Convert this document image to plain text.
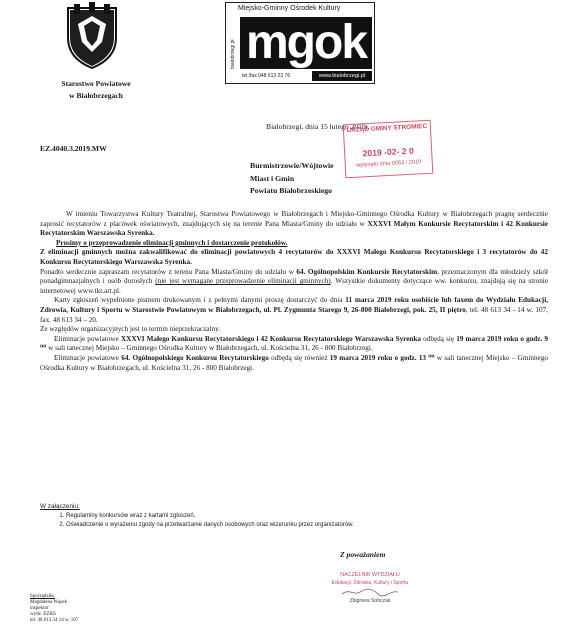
Starostwo Powiatowe
w Białobrzegach
Miejsko-Gminny Ośrodek Kultury
białobrzegi.pl mgok
tel./fax 048 613 23 76	www.bialobrzegi.pl
Białobrzegi, dnia 15 lutego 2019r.
URZĄD GMINY STROMIEC
2019 -02- 2 0
wpłynęło dnia 0053 / 2019
EZ.4040.3.2019.MW
Burmistrzowie/Wójtowie
Miast i Gmin
Powiatu Białobrzeskiego

W imieniu Towarzystwa Kultury Teatralnej, Starostwa Powiatowego w Białobrzegach i Miejsko-Gminnego Ośrodka Kultury w Białobrzegach pragnę serdecznie zaprosić recytatorów z placówek oświatowych, znajdujących się na terenie Pana Miasta/Gminy do udziału w XXXVI Małym Konkursie Recytatorskim i 42 Konkursie Recytatorskim Warszawska Syrenka.

Prosimy o przeprowadzenie eliminacji gminnych i dostarczenie protokołów.

Z eliminacji gminnych można zakwalifikować do eliminacji powiatowych 4 recytatorów do XXXVI Małego Konkursu Recytatorskiego i 3 recytatorów do 42 Konkursu Recytatorskiego Warszawska Syrenka.

Ponadto serdecznie zapraszam recytatorów z terenu Pana Miasta/Gminy do udziału w 64. Ogólnopolskim Konkursie Recytatorskim, przeznaczonym dla młodzieży szkół ponadgimnazjalnych i osób dorosłych (nie jest wymagane przeprowadzenie eliminacji gminnych). Wszystkie dokumenty dotyczące ww. konkursu, znajdują się na stronie internetowej www.tkt.art.pl.

Karty zgłoszeń wypełnione pismem drukowanym i z pełnymi danymi proszę dostarczyć do dnia 11 marca 2019 roku osobiście lub faxem do Wydziału Edukacji, Zdrowia, Kultury i Sportu w Starostwie Powiatowym w Białobrzegach, ul. Pl. Zygmunta Starego 9, 26-800 Białobrzegi, pok. 25, II piętro, tel. 48 613 34 - 14 w. 107, fax. 48 613 34 – 20.

Ze względów organizacyjnych jest to termin nieprzekraczalny.

Eliminacje powiatowe XXXVI Małego Konkursu Recytatorskiego i 42 Konkursu Recytatorskiego Warszawska Syrenka odbędą się 19 marca 2019 roku o godz. 9 ⁰⁰ w sali tanecznej Miejsko – Gminnego Ośrodka Kultury w Białobrzegach, ul. Kościelna 31, 26 - 800 Białobrzegi.

Eliminacje powiatowe 64. Ogólnopolskiego Konkursu Recytatorskiego odbędą się również 19 marca 2019 roku o godz. 13 ⁰⁰ w sali tanecznej Miejsko – Gminnego Ośrodka Kultury w Białobrzegach, ul. Kościelna 31, 26 - 800 Białobrzegi.

W załączeniu:
1. Regulaminy konkursów wraz z kartami zgłoszeń.
2. Oświadczenie o wyrażeniu zgody na przetwarzanie danych osobowych oraz wizerunku przez organizatorów.
Z poważaniem
NACZELNIK WYDZIAŁU
Edukacji, Zdrowia, Kultury i Sportu
Zbigniew Sobczak
Sporządziła:
Magdalena Wąsek
inspektor
wydz. EZKS
tel. 48 613 34 14 w. 107
